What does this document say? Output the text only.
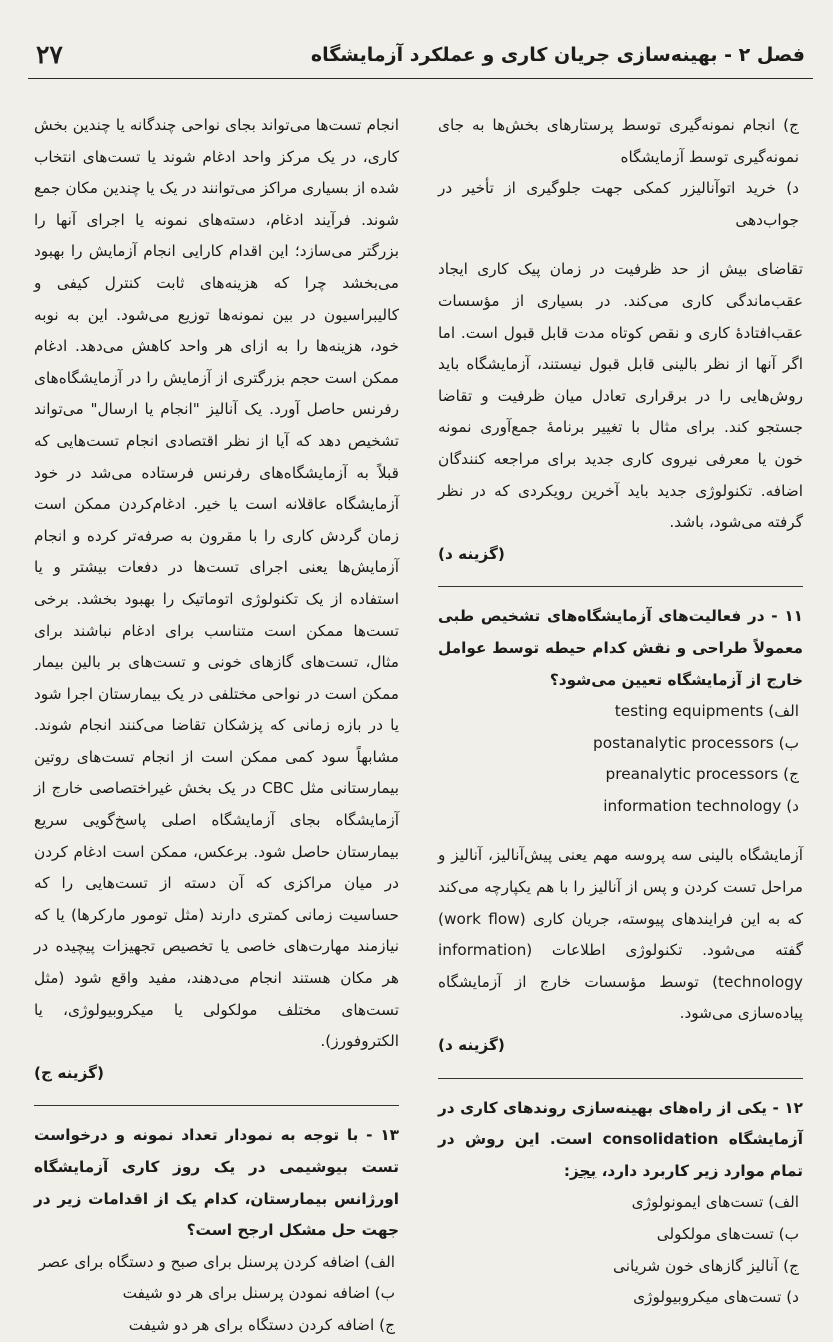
۲۷	فصل ۲ - بهینه‌سازی جریان کاری و عملکرد آزمایشگاه

ج) انجام نمونه‌گیری توسط پرستارهای بخش‌ها به جای نمونه‌گیری توسط آزمایشگاه

د) خرید اتوآنالیزر کمکی جهت جلوگیری از تأخیر در جواب‌دهی

تقاضای بیش از حد ظرفیت در زمان پیک کاری ایجاد عقب‌ماندگی کاری می‌کند. در بسیاری از مؤسسات عقب‌افتادهٔ کاری و نقص کوتاه مدت قابل قبول است. اما اگر آنها از نظر بالینی قابل قبول نیستند، آزمایشگاه باید روش‌هایی را در برقراری تعادل میان ظرفیت و تقاضا جستجو کند. برای مثال با تغییر برنامهٔ جمع‌آوری نمونه خون یا معرفی نیروی کاری جدید برای مراجعه کنندگان اضافه. تکنولوژی جدید باید آخرین رویکردی که در نظر گرفته می‌شود، باشد.

(گزینه د)

۱۱ - در فعالیت‌های آزمایشگاه‌های تشخیص طبی معمولاً طراحی و نقش کدام حیطه توسط عوامل خارج از آزمایشگاه تعیین می‌شود؟

الف) testing equipments

ب) postanalytic processors

ج) preanalytic processors

د) information technology

آزمایشگاه بالینی سه پروسه مهم یعنی پیش‌آنالیز، آنالیز و مراحل تست کردن و پس از آنالیز را با هم یکپارچه می‌کند که به این فرایندهای پیوسته، جریان کاری (work flow) گفته می‌شود. تکنولوژی اطلاعات (information technology) توسط مؤسسات خارج از آزمایشگاه پیاده‌سازی می‌شود.

(گزینه د)

۱۲ - یکی از راه‌های بهینه‌سازی روندهای کاری در آزمایشگاه consolidation است. این روش در تمام موارد زیر کاربرد دارد، بجز:

الف) تست‌های ایمونولوژی

ب) تست‌های مولکولی

ج) آنالیز گازهای خون شریانی

د) تست‌های میکروبیولوژی

انجام تست‌ها می‌تواند بجای نواحی چندگانه یا چندین بخش کاری، در یک مرکز واحد ادغام شوند یا تست‌های انتخاب شده از بسیاری مراکز می‌توانند در یک یا چندین مکان جمع شوند. فرآیند ادغام، دسته‌های نمونه یا اجرای آنها را بزرگتر می‌سازد؛ این اقدام کارایی انجام آزمایش را بهبود می‌بخشد چرا که هزینه‌های ثابت کنترل کیفی و کالیبراسیون در بین نمونه‌ها توزیع می‌شود. این به نوبه خود، هزینه‌ها را به ازای هر واحد کاهش می‌دهد. ادغام ممکن است حجم بزرگتری از آزمایش را در آزمایشگاه‌های رفرنس حاصل آورد. یک آنالیز "انجام یا ارسال" می‌تواند تشخیص دهد که آیا از نظر اقتصادی انجام تست‌هایی که قبلاً به آزمایشگاه‌های رفرنس فرستاده می‌شد در خود آزمایشگاه عاقلانه است یا خیر. ادغام‌کردن ممکن است زمان گردش کاری را با مقرون به صرفه‌تر کرده و انجام آزمایش‌ها یعنی اجرای تست‌ها در دفعات بیشتر و یا استفاده از یک تکنولوژی اتوماتیک را بهبود بخشد. برخی تست‌ها ممکن است متناسب برای ادغام نباشند برای مثال، تست‌های گازهای خونی و تست‌های بر بالین بیمار ممکن است در نواحی مختلفی در یک بیمارستان اجرا شود یا در بازه زمانی که پزشکان تقاضا می‌کنند انجام شوند. مشابهاً سود کمی ممکن است از انجام تست‌های روتین بیمارستانی مثل CBC در یک بخش غیراختصاصی خارج از آزمایشگاه بجای آزمایشگاه اصلی پاسخ‌گویی سریع بیمارستان حاصل شود. برعکس، ممکن است ادغام کردن در میان مراکزی که آن دسته از تست‌هایی را که حساسیت زمانی کمتری دارند (مثل تومور مارکرها) یا که نیازمند مهارت‌های خاصی یا تخصیص تجهیزات پیچیده در هر مکان هستند انجام می‌دهند، مفید واقع شود (مثل تست‌های مختلف مولکولی یا میکروبیولوژی، یا الکتروفورز).

(گزینه ج)

۱۳ - با توجه به نمودار تعداد نمونه و درخواست تست بیوشیمی در یک روز کاری آزمایشگاه اورژانس بیمارستان، کدام یک از اقدامات زیر در جهت حل مشکل ارجح است؟

الف) اضافه کردن پرسنل برای صبح و دستگاه برای عصر

ب) اضافه نمودن پرسنل برای هر دو شیفت

ج) اضافه کردن دستگاه برای هر دو شیفت
